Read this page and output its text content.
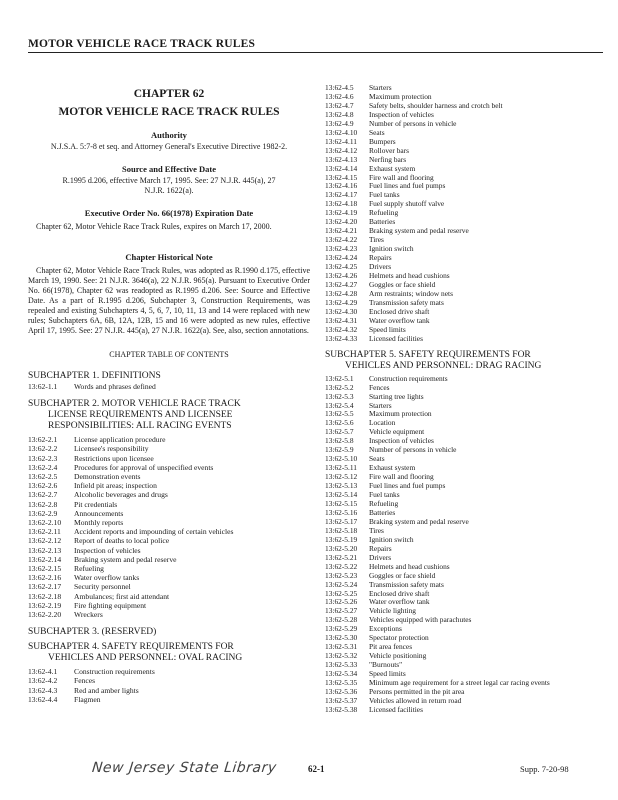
MOTOR VEHICLE RACE TRACK RULES
CHAPTER 62
MOTOR VEHICLE RACE TRACK RULES
Authority
N.J.S.A. 5:7-8 et seq. and Attorney General's Executive Directive 1982-2.
Source and Effective Date
R.1995 d.206, effective March 17, 1995. See: 27 N.J.R. 445(a), 27 N.J.R. 1622(a).
Executive Order No. 66(1978) Expiration Date
Chapter 62, Motor Vehicle Race Track Rules, expires on March 17, 2000.
Chapter Historical Note
Chapter 62, Motor Vehicle Race Track Rules, was adopted as R.1990 d.175, effective March 19, 1990. See: 21 N.J.R. 3646(a), 22 N.J.R. 965(a). Pursuant to Executive Order No. 66(1978), Chapter 62 was readopted as R.1995 d.206. See: Source and Effective Date. As a part of R.1995 d.206, Subchapter 3, Construction Requirements, was repealed and existing Subchapters 4, 5, 6, 7, 10, 11, 13 and 14 were replaced with new rules; Subchapters 6A, 6B, 12A, 12B, 15 and 16 were adopted as new rules, effective April 17, 1995. See: 27 N.J.R. 445(a), 27 N.J.R. 1622(a). See, also, section annotations.
CHAPTER TABLE OF CONTENTS
SUBCHAPTER 1. DEFINITIONS
13:62-1.1	Words and phrases defined
SUBCHAPTER 2. MOTOR VEHICLE RACE TRACK
LICENSE REQUIREMENTS AND LICENSEE
RESPONSIBILITIES: ALL RACING EVENTS
13:62-2.1	License application procedure
13:62-2.2	Licensee's responsibility
13:62-2.3	Restrictions upon licensee
13:62-2.4	Procedures for approval of unspecified events
13:62-2.5	Demonstration events
13:62-2.6	Infield pit areas; inspection
13:62-2.7	Alcoholic beverages and drugs
13:62-2.8	Pit credentials
13:62-2.9	Announcements
13:62-2.10	Monthly reports
13:62-2.11	Accident reports and impounding of certain vehicles
13:62-2.12	Report of deaths to local police
13:62-2.13	Inspection of vehicles
13:62-2.14	Braking system and pedal reserve
13:62-2.15	Refueling
13:62-2.16	Water overflow tanks
13:62-2.17	Security personnel
13:62-2.18	Ambulances; first aid attendant
13:62-2.19	Fire fighting equipment
13:62-2.20	Wreckers
SUBCHAPTER 3. (RESERVED)
SUBCHAPTER 4. SAFETY REQUIREMENTS FOR
VEHICLES AND PERSONNEL: OVAL RACING
13:62-4.1	Construction requirements
13:62-4.2	Fences
13:62-4.3	Red and amber lights
13:62-4.4	Flagmen
13:62-4.5	Starters
13:62-4.6	Maximum protection
13:62-4.7	Safety belts, shoulder harness and crotch belt
13:62-4.8	Inspection of vehicles
13:62-4.9	Number of persons in vehicle
13:62-4.10	Seats
13:62-4.11	Bumpers
13:62-4.12	Rollover bars
13:62-4.13	Nerfing bars
13:62-4.14	Exhaust system
13:62-4.15	Fire wall and flooring
13:62-4.16	Fuel lines and fuel pumps
13:62-4.17	Fuel tanks
13:62-4.18	Fuel supply shutoff valve
13:62-4.19	Refueling
13:62-4.20	Batteries
13:62-4.21	Braking system and pedal reserve
13:62-4.22	Tires
13:62-4.23	Ignition switch
13:62-4.24	Repairs
13:62-4.25	Drivers
13:62-4.26	Helmets and head cushions
13:62-4.27	Goggles or face shield
13:62-4.28	Arm restraints; window nets
13:62-4.29	Transmission safety mats
13:62-4.30	Enclosed drive shaft
13:62-4.31	Water overflow tank
13:62-4.32	Speed limits
13:62-4.33	Licensed facilities
SUBCHAPTER 5. SAFETY REQUIREMENTS FOR
VEHICLES AND PERSONNEL: DRAG RACING
13:62-5.1	Construction requirements
13:62-5.2	Fences
13:62-5.3	Starting tree lights
13:62-5.4	Starters
13:62-5.5	Maximum protection
13:62-5.6	Location
13:62-5.7	Vehicle equipment
13:62-5.8	Inspection of vehicles
13:62-5.9	Number of persons in vehicle
13:62-5.10	Seats
13:62-5.11	Exhaust system
13:62-5.12	Fire wall and flooring
13:62-5.13	Fuel lines and fuel pumps
13:62-5.14	Fuel tanks
13:62-5.15	Refueling
13:62-5.16	Batteries
13:62-5.17	Braking system and pedal reserve
13:62-5.18	Tires
13:62-5.19	Ignition switch
13:62-5.20	Repairs
13:62-5.21	Drivers
13:62-5.22	Helmets and head cushions
13:62-5.23	Goggles or face shield
13:62-5.24	Transmission safety mats
13:62-5.25	Enclosed drive shaft
13:62-5.26	Water overflow tank
13:62-5.27	Vehicle lighting
13:62-5.28	Vehicles equipped with parachutes
13:62-5.29	Exceptions
13:62-5.30	Spectator protection
13:62-5.31	Pit area fences
13:62-5.32	Vehicle positioning
13:62-5.33	"Burnouts"
13:62-5.34	Speed limits
13:62-5.35	Minimum age requirement for a street legal car racing events
13:62-5.36	Persons permitted in the pit area
13:62-5.37	Vehicles allowed in return road
13:62-5.38	Licensed facilities
New Jersey State Library	62-1	Supp. 7-20-98
